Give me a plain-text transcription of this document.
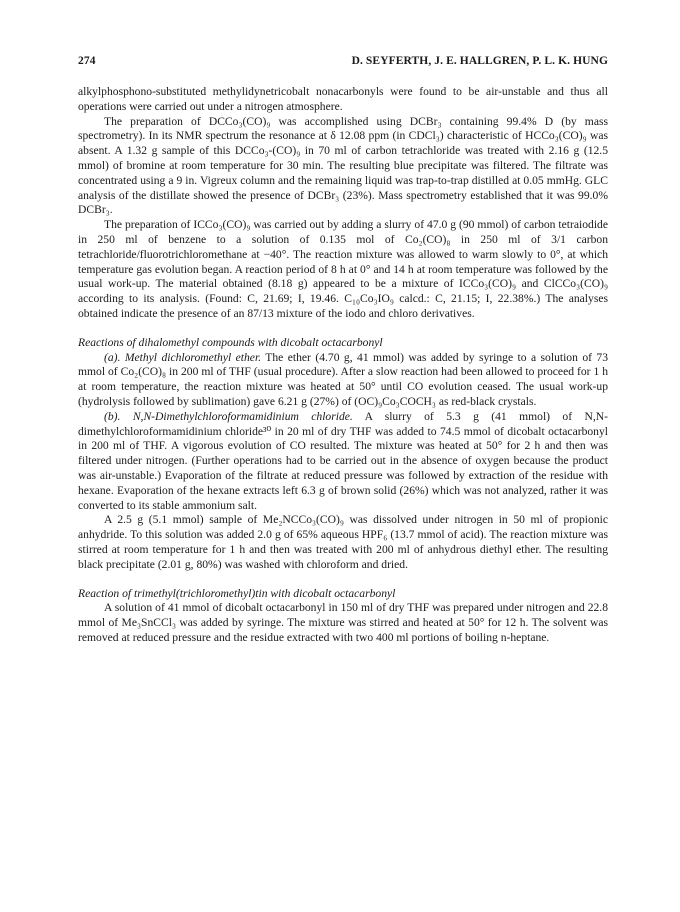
274	D. SEYFERTH, J. E. HALLGREN, P. L. K. HUNG

alkylphosphono-substituted methylidynetricobalt nonacarbonyls were found to be air-unstable and thus all operations were carried out under a nitrogen atmosphere.

The preparation of DCCo₃(CO)₉ was accomplished using DCBr₃ containing 99.4% D (by mass spectrometry). In its NMR spectrum the resonance at δ 12.08 ppm (in CDCl₃) characteristic of HCCo₃(CO)₉ was absent. A 1.32 g sample of this DCCo₃-(CO)₉ in 70 ml of carbon tetrachloride was treated with 2.16 g (12.5 mmol) of bromine at room temperature for 30 min. The resulting blue precipitate was filtered. The filtrate was concentrated using a 9 in. Vigreux column and the remaining liquid was trap-to-trap distilled at 0.05 mmHg. GLC analysis of the distillate showed the presence of DCBr₃ (23%). Mass spectrometry established that it was 99.0% DCBr₃.

The preparation of ICCo₃(CO)₉ was carried out by adding a slurry of 47.0 g (90 mmol) of carbon tetraiodide in 250 ml of benzene to a solution of 0.135 mol of Co₂(CO)₈ in 250 ml of 3/1 carbon tetrachloride/fluorotrichloromethane at −40°. The reaction mixture was allowed to warm slowly to 0°, at which temperature gas evolution began. A reaction period of 8 h at 0° and 14 h at room temperature was followed by the usual work-up. The material obtained (8.18 g) appeared to be a mixture of ICCo₃(CO)₉ and ClCCo₃(CO)₉ according to its analysis. (Found: C, 21.69; I, 19.46. C₁₀Co₃IO₉ calcd.: C, 21.15; I, 22.38%.) The analyses obtained indicate the presence of an 87/13 mixture of the iodo and chloro derivatives.

Reactions of dihalomethyl compounds with dicobalt octacarbonyl

(a). Methyl dichloromethyl ether. The ether (4.70 g, 41 mmol) was added by syringe to a solution of 73 mmol of Co₂(CO)₈ in 200 ml of THF (usual procedure). After a slow reaction had been allowed to proceed for 1 h at room temperature, the reaction mixture was heated at 50° until CO evolution ceased. The usual work-up (hydrolysis followed by sublimation) gave 6.21 g (27%) of (OC)₉Co₃COCH₃ as red-black crystals.

(b). N,N-Dimethylchloroformamidinium chloride. A slurry of 5.3 g (41 mmol) of N,N-dimethylchloroformamidinium chloride³⁰ in 20 ml of dry THF was added to 74.5 mmol of dicobalt octacarbonyl in 200 ml of THF. A vigorous evolution of CO resulted. The mixture was heated at 50° for 2 h and then was filtered under nitrogen. (Further operations had to be carried out in the absence of oxygen because the product was air-unstable.) Evaporation of the filtrate at reduced pressure was followed by extraction of the residue with hexane. Evaporation of the hexane extracts left 6.3 g of brown solid (26%) which was not analyzed, rather it was converted to its stable ammonium salt.

A 2.5 g (5.1 mmol) sample of Me₂NCCo₃(CO)₉ was dissolved under nitrogen in 50 ml of propionic anhydride. To this solution was added 2.0 g of 65% aqueous HPF₆ (13.7 mmol of acid). The reaction mixture was stirred at room temperature for 1 h and then was treated with 200 ml of anhydrous diethyl ether. The resulting black precipitate (2.01 g, 80%) was washed with chloroform and dried.

Reaction of trimethyl(trichloromethyl)tin with dicobalt octacarbonyl

A solution of 41 mmol of dicobalt octacarbonyl in 150 ml of dry THF was prepared under nitrogen and 22.8 mmol of Me₃SnCCl₃ was added by syringe. The mixture was stirred and heated at 50° for 12 h. The solvent was removed at reduced pressure and the residue extracted with two 400 ml portions of boiling n-heptane.
